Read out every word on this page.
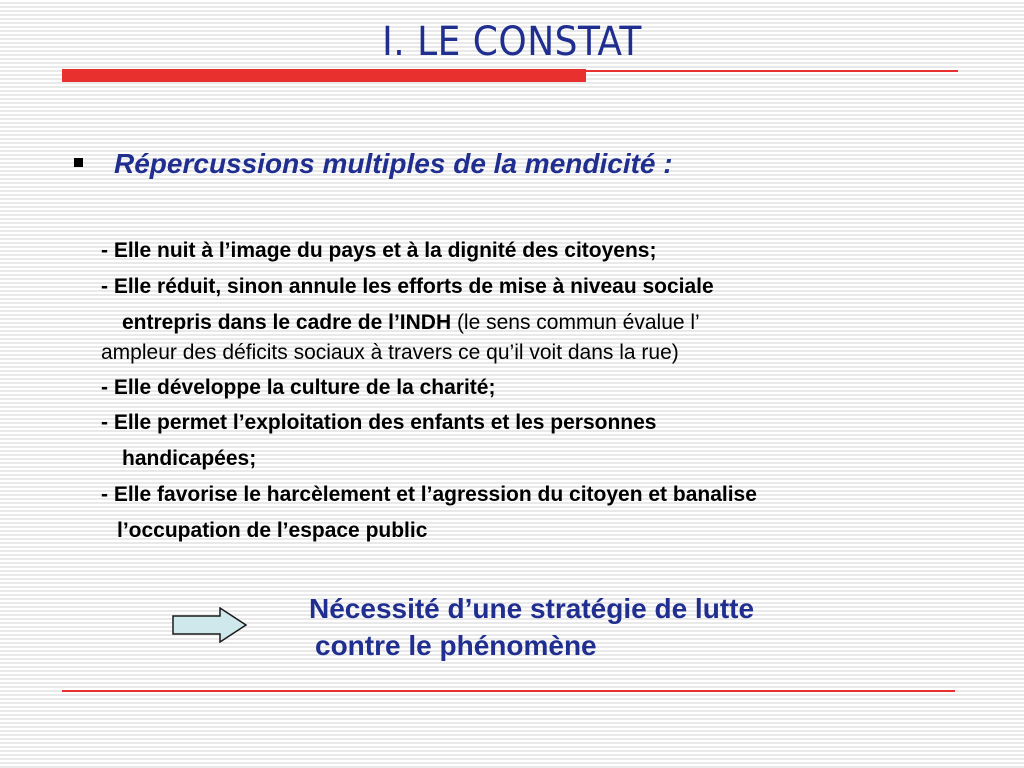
I. LE CONSTAT
Répercussions multiples de la mendicité :
- Elle nuit à l’image du pays et à la dignité des citoyens;
- Elle réduit, sinon annule les efforts de mise à niveau sociale
entrepris dans le cadre de l’INDH (le sens commun évalue l’
ampleur des déficits sociaux à travers ce qu’il voit dans la rue)
- Elle développe la culture de la charité;
- Elle permet l’exploitation des enfants et les personnes
handicapées;
- Elle favorise le harcèlement et l’agression du citoyen et banalise
l’occupation de l’espace public
Nécessité d’une stratégie de lutte
contre le phénomène
